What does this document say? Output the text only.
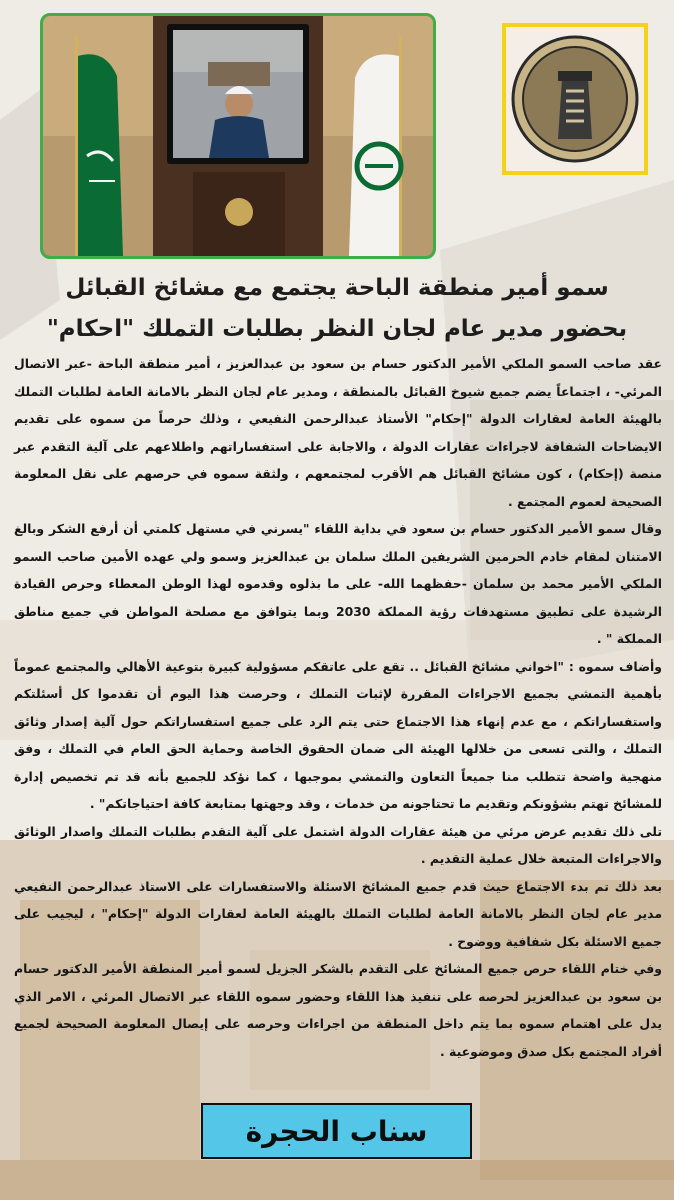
سمو أمير منطقة الباحة يجتمع مع مشائخ القبائل
بحضور مدير عام لجان النظر بطلبات التملك "احكام"

عقد صاحب السمو الملكي الأمير الدكتور حسام بن سعود بن عبدالعزيز ، أمير منطقة الباحة -عبر الاتصال المرئي- ، اجتماعاً يضم جميع شيوخ القبائل بالمنطقة ، ومدير عام لجان النظر بالامانة العامة لطلبات التملك بالهيئة العامة لعقارات الدولة "إحكام" الأستاذ عبدالرحمن النفيعي ، وذلك حرصاً من سموه على تقديم الايضاحات الشفافة لاجراءات عقارات الدولة ، والاجابة على استفساراتهم واطلاعهم على آلية التقدم عبر منصة (إحكام) ، كون مشائخ القبائل هم الأقرب لمجتمعهم ، ولثقة سموه في حرصهم على نقل المعلومة الصحيحة لعموم المجتمع .

وقال سمو الأمير الدكتور حسام بن سعود في بداية اللقاء "يسرني في مستهل كلمتي أن أرفع الشكر وبالغ الامتنان لمقام خادم الحرمين الشريفين الملك سلمان بن عبدالعزيز وسمو ولي عهده الأمين صاحب السمو الملكي الأمير محمد بن سلمان -حفظهما الله- على ما بذلوه وقدموه لهذا الوطن المعطاء وحرص القيادة الرشيدة على تطبيق مستهدفات رؤية المملكة 2030 وبما يتوافق مع مصلحة المواطن في جميع مناطق المملكة " .

وأضاف سموه : "اخواني مشائخ القبائل .. تقع على عاتقكم مسؤولية كبيرة بتوعية الأهالي والمجتمع عموماً بأهمية التمشي بجميع الاجراءات المقررة لإثبات التملك ، وحرصت هذا اليوم أن تقدموا كل أسئلتكم واستفساراتكم ، مع عدم إنهاء هذا الاجتماع حتى يتم الرد على جميع استفساراتكم حول آلية إصدار وثائق التملك ، والتى تسعى من خلالها الهيئة الى ضمان الحقوق الخاصة وحماية الحق العام في التملك ، وفق منهجية واضحة تتطلب منا جميعاً التعاون والتمشي بموجبها ، كما نؤكد للجميع بأنه قد تم تخصيص إدارة للمشائخ تهتم بشؤونكم وتقديم ما تحتاجونه من خدمات ، وقد وجهتها بمتابعة كافة احتياجاتكم" .

تلى ذلك تقديم عرض مرئي من هيئة عقارات الدولة اشتمل على آلية التقدم بطلبات التملك واصدار الوثائق والاجراءات المتبعة خلال عملية التقديم .

بعد ذلك تم بدء الاجتماع حيث قدم جميع المشائخ الاسئلة والاستفسارات على الاستاذ عبدالرحمن النفيعي مدير عام لجان النظر بالامانة العامة لطلبات التملك بالهيئة العامة لعقارات الدولة "إحكام" ، ليجيب على جميع الاسئلة بكل شفافية ووضوح .

وفي ختام اللقاء حرص جميع المشائخ على التقدم بالشكر الجزيل لسمو أمير المنطقة الأمير الدكتور حسام بن سعود بن عبدالعزيز لحرصه على تنفيذ هذا اللقاء وحضور سموه اللقاء عبر الاتصال المرئي ، الامر الذي يدل على اهتمام سموه بما يتم داخل المنطقة من اجراءات وحرصه على إيصال المعلومة الصحيحة لجميع أفراد المجتمع بكل صدق وموضوعية .

سناب الحجرة
